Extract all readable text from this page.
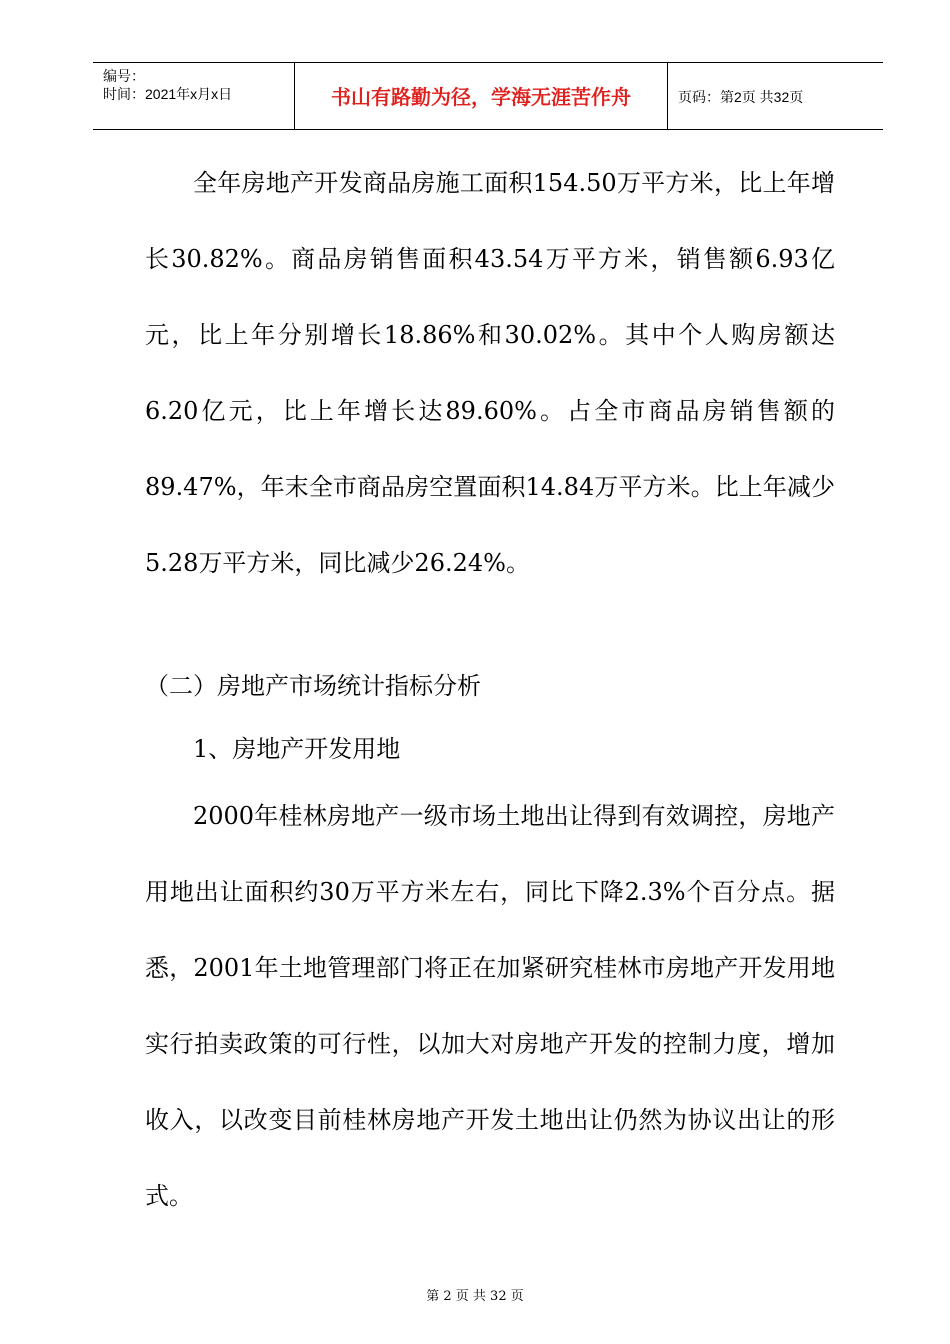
编号：
时间：2021年x月x日	书山有路勤为径，学海无涯苦作舟	页码：第2页 共32页

全年房地产开发商品房施工面积154.50万平方米，比上年增长30.82%。商品房销售面积43.54万平方米，销售额6.93亿元，比上年分别增长18.86%和30.02%。其中个人购房额达6.20亿元，比上年增长达89.60%。占全市商品房销售额的89.47%，年末全市商品房空置面积14.84万平方米。比上年减少5.28万平方米，同比减少26.24%。

（二）房地产市场统计指标分析
1、房地产开发用地

2000年桂林房地产一级市场土地出让得到有效调控，房地产用地出让面积约30万平方米左右，同比下降2.3%个百分点。据悉，2001年土地管理部门将正在加紧研究桂林市房地产开发用地实行拍卖政策的可行性，以加大对房地产开发的控制力度，增加收入，以改变目前桂林房地产开发土地出让仍然为协议出让的形式。

第 2 页 共 32 页
